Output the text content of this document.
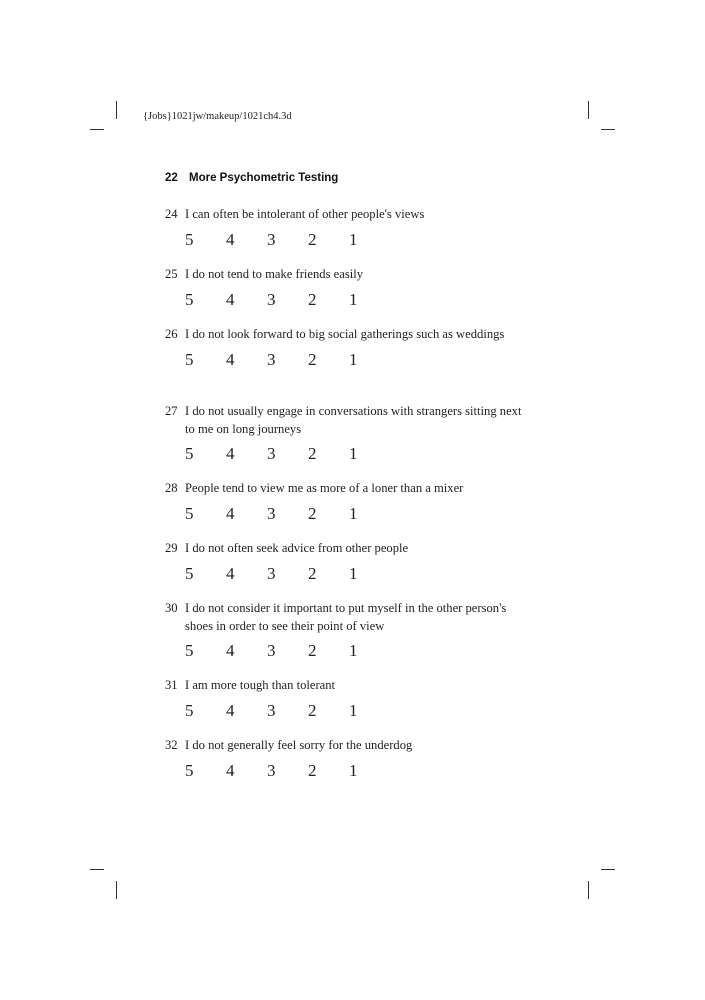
{Jobs}1021jw/makeup/1021ch4.3d
22 More Psychometric Testing
24 I can often be intolerant of other people's views
5	4	3	2	1
25 I do not tend to make friends easily
5	4	3	2	1
26 I do not look forward to big social gatherings such as weddings
5	4	3	2	1
27 I do not usually engage in conversations with strangers sitting next to me on long journeys
5	4	3	2	1
28 People tend to view me as more of a loner than a mixer
5	4	3	2	1
29 I do not often seek advice from other people
5	4	3	2	1
30 I do not consider it important to put myself in the other person's shoes in order to see their point of view
5	4	3	2	1
31 I am more tough than tolerant
5	4	3	2	1
32 I do not generally feel sorry for the underdog
5	4	3	2	1
